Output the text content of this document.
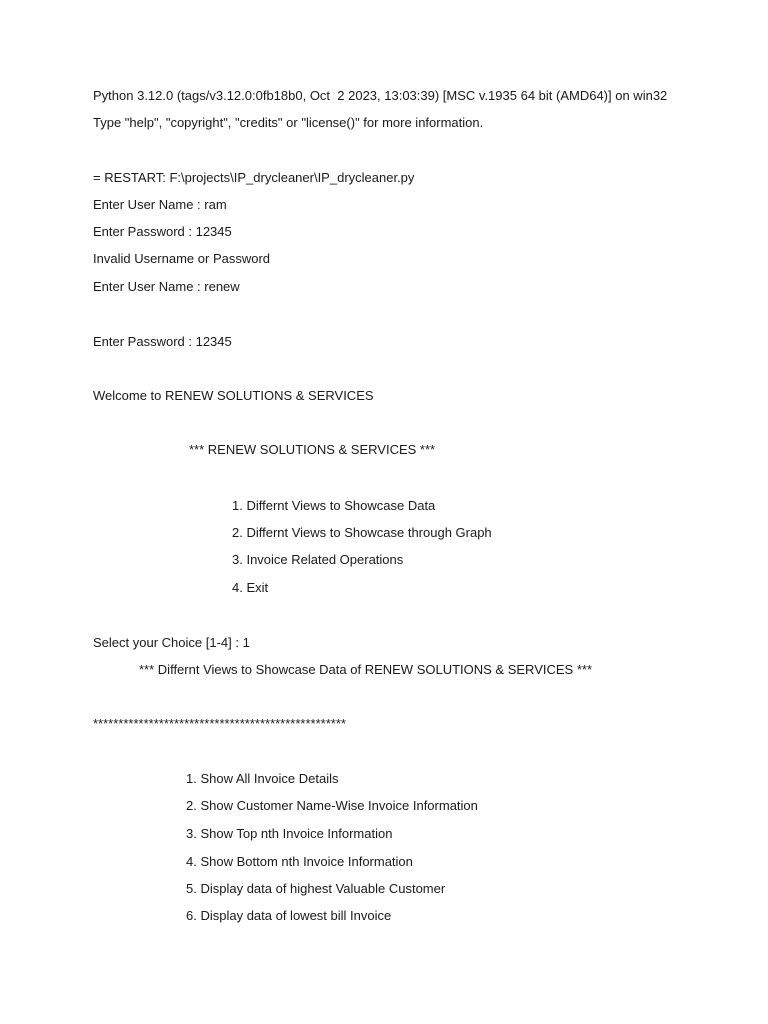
Python 3.12.0 (tags/v3.12.0:0fb18b0, Oct  2 2023, 13:03:39) [MSC v.1935 64 bit (AMD64)] on win32
Type "help", "copyright", "credits" or "license()" for more information.
= RESTART: F:\projects\IP_drycleaner\IP_drycleaner.py
Enter User Name : ram
Enter Password : 12345
Invalid Username or Password
Enter User Name : renew
Enter Password : 12345
Welcome to RENEW SOLUTIONS & SERVICES
*** RENEW SOLUTIONS & SERVICES ***
1. Differnt Views to Showcase Data
2. Differnt Views to Showcase through Graph
3. Invoice Related Operations
4. Exit
Select your Choice [1-4] : 1
*** Differnt Views to Showcase Data of RENEW SOLUTIONS & SERVICES ***
**************************************************
1. Show All Invoice Details
2. Show Customer Name-Wise Invoice Information
3. Show Top nth Invoice Information
4. Show Bottom nth Invoice Information
5. Display data of highest Valuable Customer
6. Display data of lowest bill Invoice
